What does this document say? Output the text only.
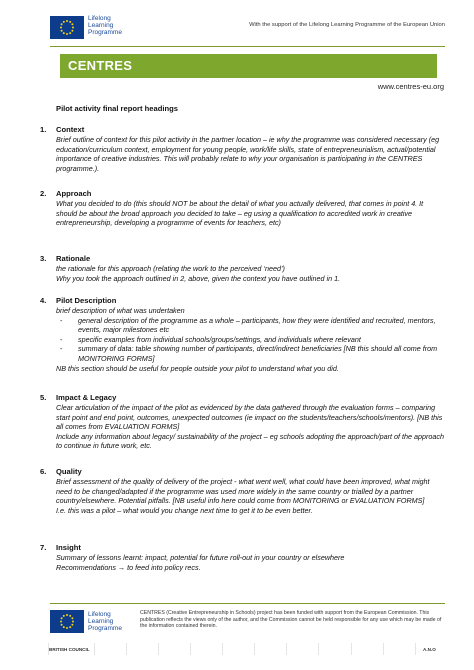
Lifelong
Learning
Programme
With the support of the Lifelong Learning Programme of the European Union
CENTRES
www.centres-eu.org
Pilot activity final report headings
1. Context

Brief outline of context for this pilot activity in the partner location – ie why the programme was considered necessary (eg education/curriculum context, employment for young people, work/life skills, state of entrepreneurialism, actual/potential importance of creative industries. This will probably relate to why your organisation is participating in the CENTRES programme.).

2. Approach

What you decided to do (this should NOT be about the detail of what you actually delivered, that comes in point 4. It should be about the broad approach you decided to take – eg using a qualification to accredited work in creative entrepreneurship, developing a programme of events for teachers, etc)

3. Rationale

the rationale for this approach (relating the work to the perceived ‘need’)

Why you took the approach outlined in 2, above, given the context you have outlined in 1.

4. Pilot Description

brief description of what was undertaken

- general description of the programme as a whole – participants, how they were identified and recruited, mentors, events, major milestones etc
- specific examples from individual schools/groups/settings, and individuals where relevant
- summary of data: table showing number of participants, direct/indirect beneficiaries [NB this should all come from MONITORING FORMS]

NB this section should be useful for people outside your pilot to understand what you did.

5. Impact & Legacy

Clear articulation of the impact of the pilot as evidenced by the data gathered through the evaluation forms – comparing start point and end point, outcomes, unexpected outcomes (ie impact on the students/teachers/schools/mentors). [NB this all comes from EVALUATION FORMS]

Include any information about legacy/ sustainability of the project – eg schools adopting the approach/part of the approach to continue in future work, etc.

6. Quality

Brief assessment of the quality of delivery of the project - what went well, what could have been improved, what might need to be changed/adapted if the programme was used more widely in the same country or trialled by a partner country/elsewhere. Potential pitfalls. [NB useful info here could come from MONITORING or EVALUATION FORMS]

I.e. this was a pilot – what would you change next time to get it to be even better.

7. Insight

Summary of lessons learnt: impact, potential for future roll-out in your country or elsewhere

Recommendations → to feed into policy recs.

Lifelong
Learning
Programme
CENTRES (Creative Entrepreneurship in Schools) project has been funded with support from the European Commission. This publication reflects the views only of the author, and the Commission cannot be held responsible for any use which may be made of the information contained therein.
BRITISH COUNCIL	A.N.O
